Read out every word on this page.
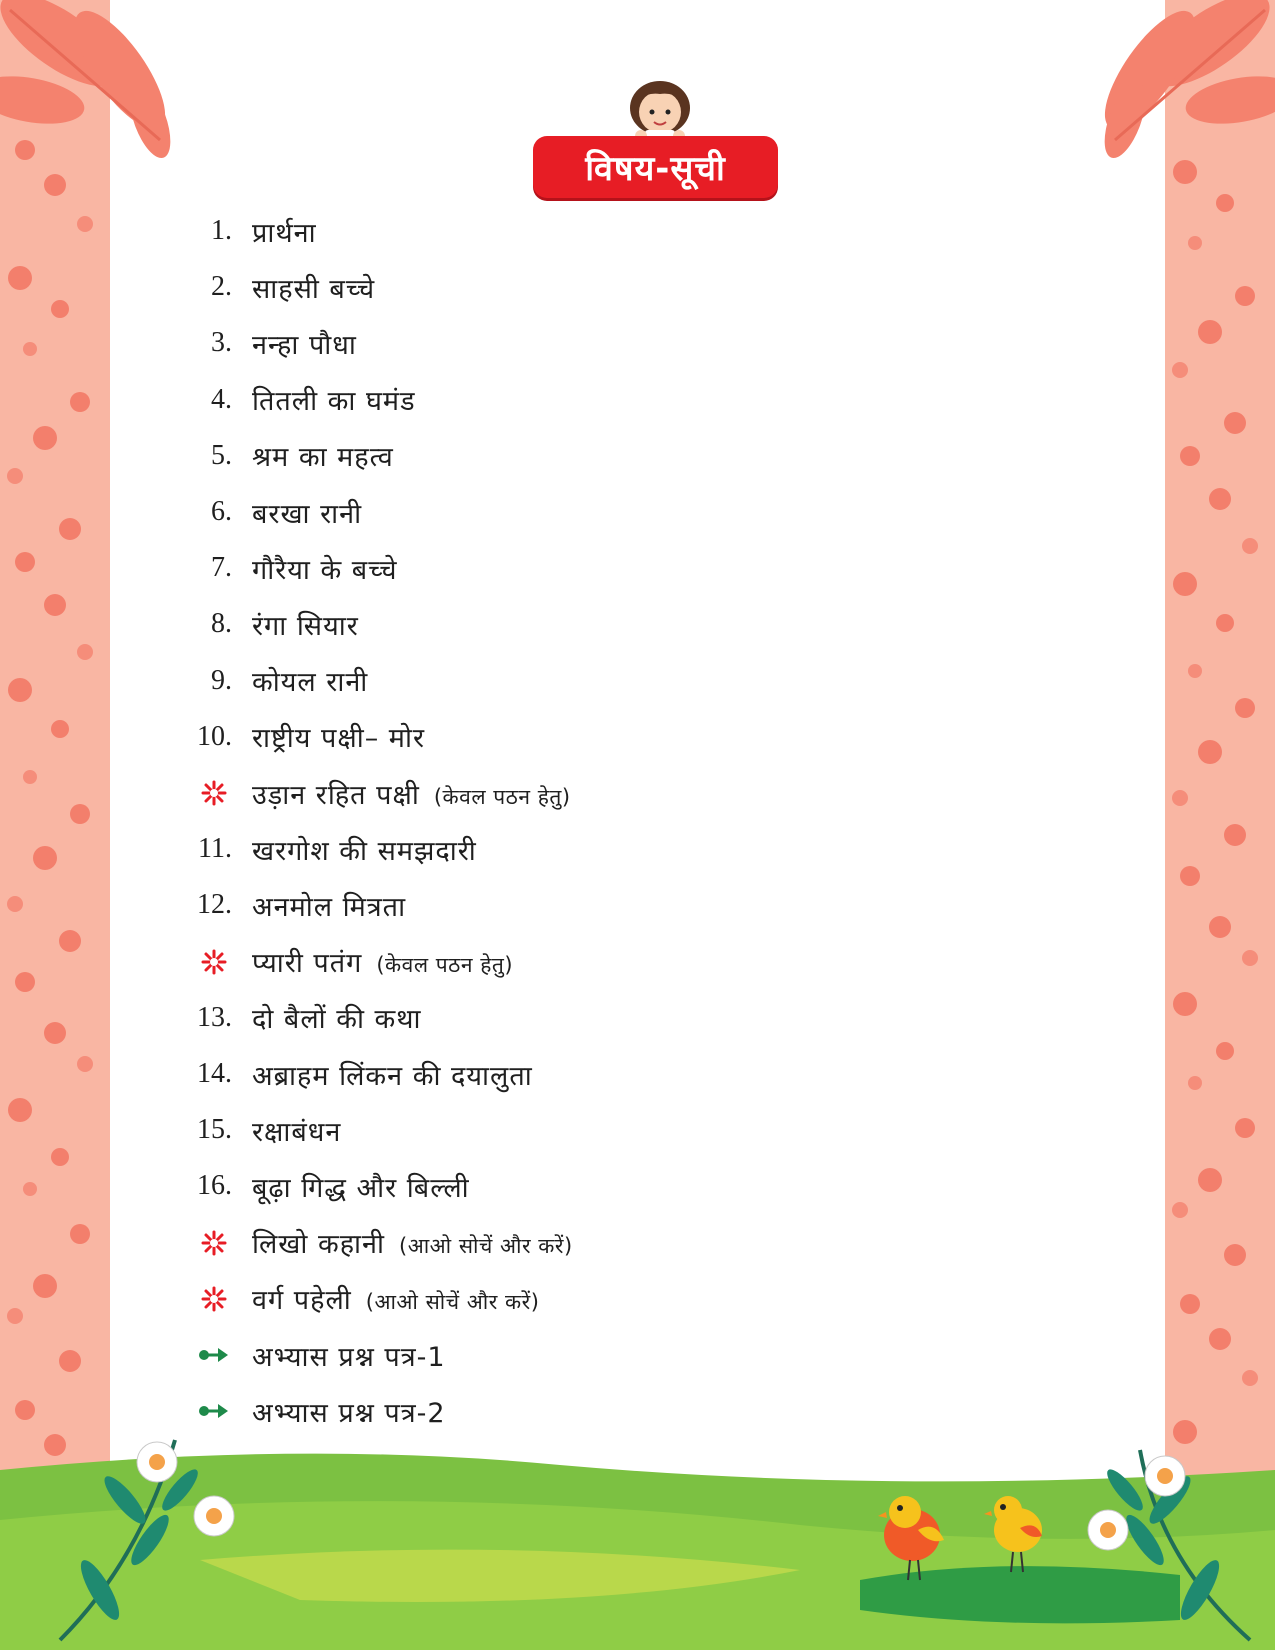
विषय-सूची
1. प्रार्थना
2. साहसी बच्चे
3. नन्हा पौधा
4. तितली का घमंड
5. श्रम का महत्व
6. बरखा रानी
7. गौरैया के बच्चे
8. रंगा सियार
9. कोयल रानी
10. राष्ट्रीय पक्षी– मोर
उड़ान रहित पक्षी (केवल पठन हेतु)
11. खरगोश की समझदारी
12. अनमोल मित्रता
प्यारी पतंग (केवल पठन हेतु)
13. दो बैलों की कथा
14. अब्राहम लिंकन की दयालुता
15. रक्षाबंधन
16. बूढ़ा गिद्ध और बिल्ली
लिखो कहानी (आओ सोचें और करें)
वर्ग पहेली (आओ सोचें और करें)
अभ्यास प्रश्न पत्र-1
अभ्यास प्रश्न पत्र-2
